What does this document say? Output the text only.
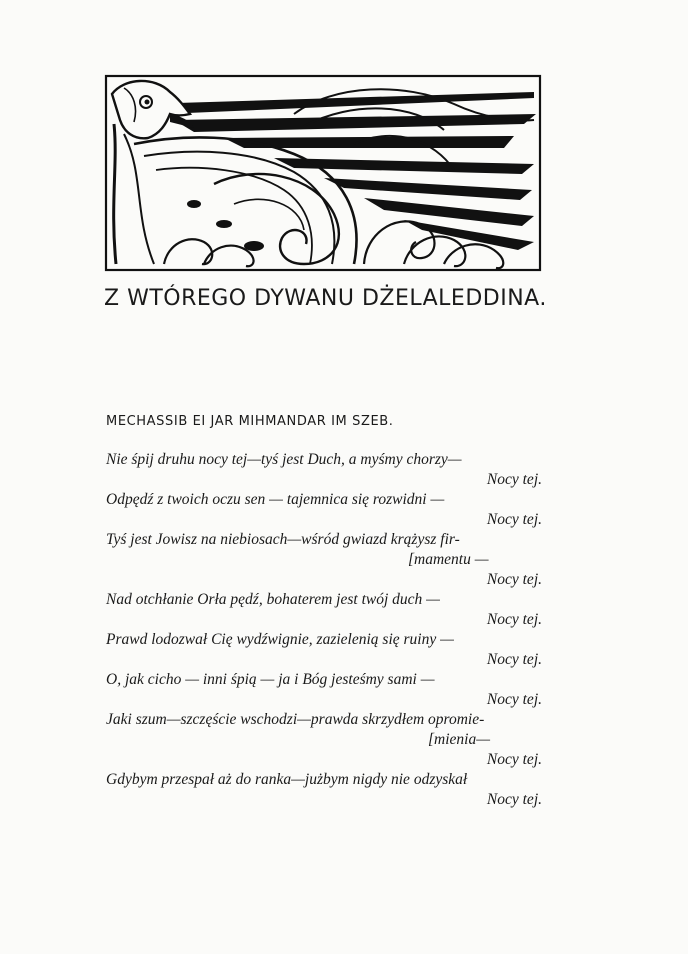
Z WTÓREGO DYWANU DŻELALEDDINA.
MECHASSIB EI JAR MIHMANDAR IM SZEB.
Nie śpij druhu nocy tej—tyś jest Duch, a myśmy chorzy—
Nocy tej.
Odpędź z twoich oczu sen — tajemnica się rozwidni —
Nocy tej.
Tyś jest Jowisz na niebiosach—wśród gwiazd krążysz fir-
[mamentu —
Nocy tej.
Nad otchłanie Orła pędź, bohaterem jest twój duch —
Nocy tej.
Prawd lodozwał Cię wydźwignie, zazielenią się ruiny —
Nocy tej.
O, jak cicho — inni śpią — ja i Bóg jesteśmy sami —
Nocy tej.
Jaki szum—szczęście wschodzi—prawda skrzydłem opromie-
[mienia—
Nocy tej.
Gdybym przespał aż do ranka—jużbym nigdy nie odzyskał
Nocy tej.
